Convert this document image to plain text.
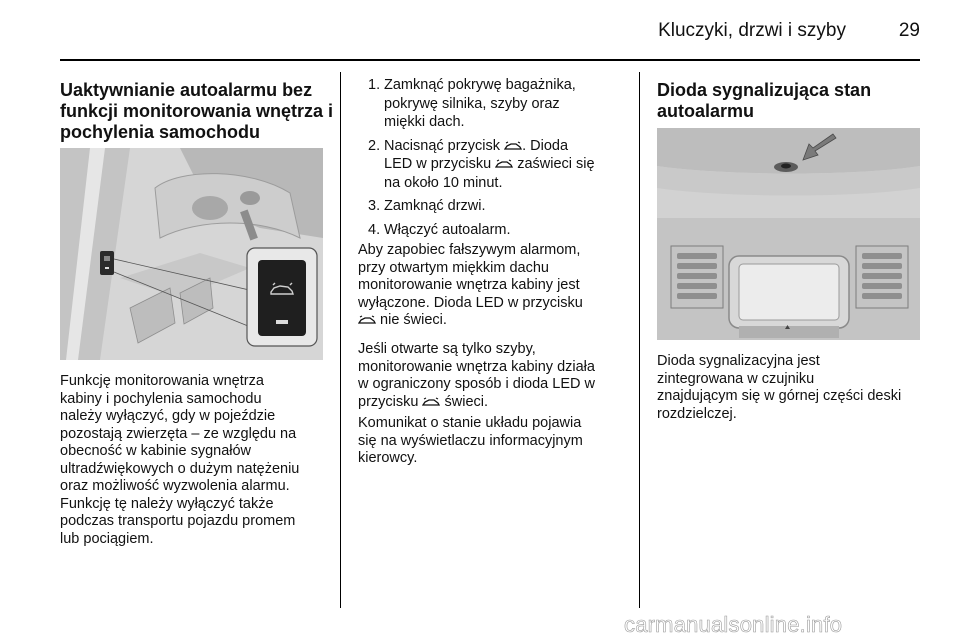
Kluczyki, drzwi i szyby	29
Uaktywnianie autoalarmu bez
funkcji monitorowania wnętrza i
pochylenia samochodu

Funkcję monitorowania wnętrza
kabiny i pochylenia samochodu
należy wyłączyć, gdy w pojeździe
pozostają zwierzęta – ze względu na
obecność w kabinie sygnałów
ultradźwiękowych o dużym natężeniu
oraz możliwość wyzwolenia alarmu.
Funkcję tę należy wyłączyć także
podczas transportu pojazdu promem
lub pociągiem.

1. Zamknąć pokrywę bagażnika,
pokrywę silnika, szyby oraz
miękki dach.
2. Nacisnąć przycisk . Dioda
LED w przycisku  zaświeci się
na około 10 minut.
3. Zamknąć drzwi.
4. Włączyć autoalarm.

Aby zapobiec fałszywym alarmom,
przy otwartym miękkim dachu
monitorowanie wnętrza kabiny jest
wyłączone. Dioda LED w przycisku
nie świeci.

Jeśli otwarte są tylko szyby,
monitorowanie wnętrza kabiny działa
w ograniczony sposób i dioda LED w
przycisku  świeci.

Komunikat o stanie układu pojawia
się na wyświetlaczu informacyjnym
kierowcy.

Dioda sygnalizująca stan
autoalarmu

Dioda sygnalizacyjna jest
zintegrowana w czujniku
znajdującym się w górnej części deski
rozdzielczej.

carmanualsonline.info
